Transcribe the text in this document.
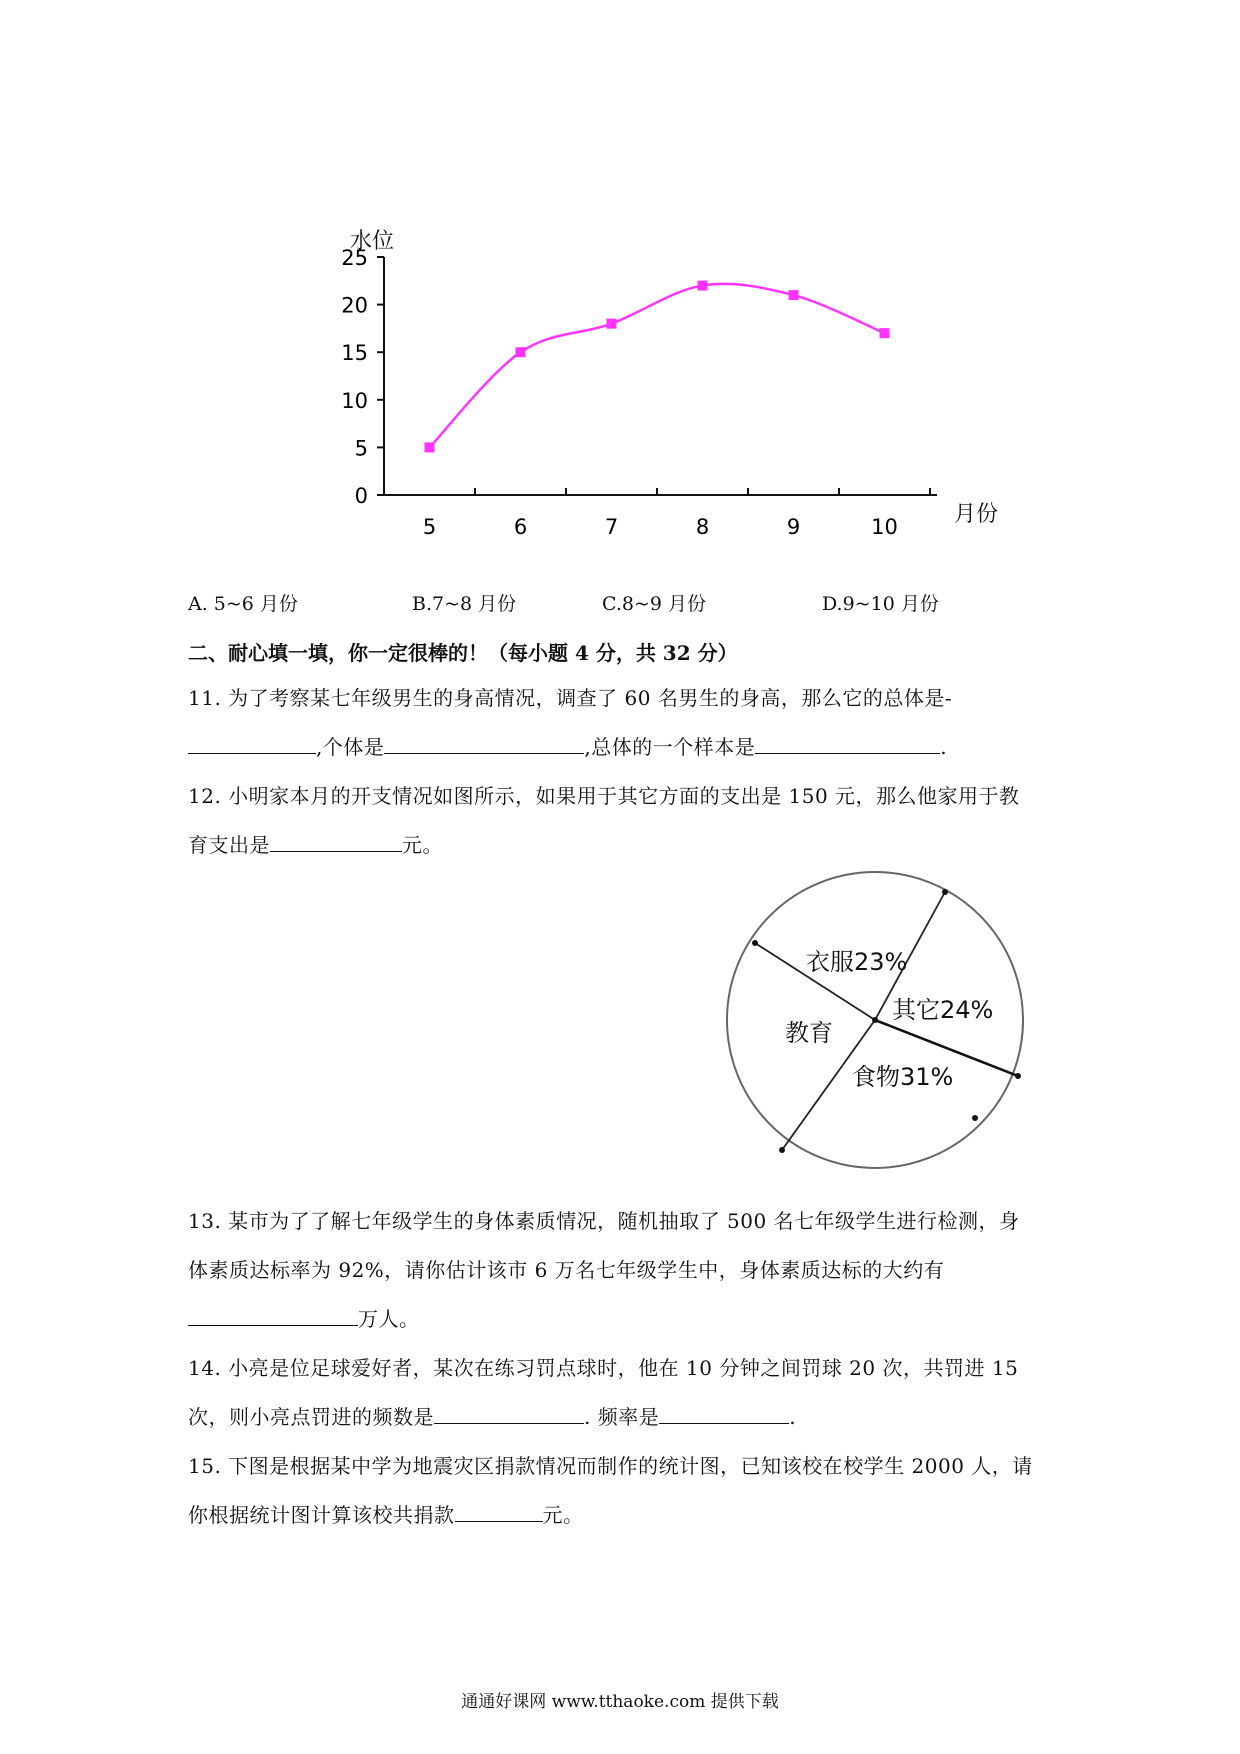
水位
0
5
10
15
20
25
5	6	7	8	9	10	月份
A. 5~6 月份	B.7~8 月份	C.8~9 月份	D.9~10 月份
二、耐心填一填，你一定很棒的！（每小题 4 分，共 32 分）
11. 为了考察某七年级男生的身高情况，调查了 60 名男生的身高，那么它的总体是-
,个体是	,总体的一个样本是	.
12. 小明家本月的开支情况如图所示，如果用于其它方面的支出是 150 元，那么他家用于教
育支出是	元。
衣服23%
其它24%
教育
食物31%
13. 某市为了了解七年级学生的身体素质情况，随机抽取了 500 名七年级学生进行检测，身
体素质达标率为 92%，请你估计该市 6 万名七年级学生中，身体素质达标的大约有
万人。
14. 小亮是位足球爱好者，某次在练习罚点球时，他在 10 分钟之间罚球 20 次，共罚进 15
次，则小亮点罚进的频数是	. 频率是	.
15. 下图是根据某中学为地震灾区捐款情况而制作的统计图，已知该校在校学生 2000 人，请
你根据统计图计算该校共捐款	元。
通通好课网 www.tthaoke.com 提供下载
